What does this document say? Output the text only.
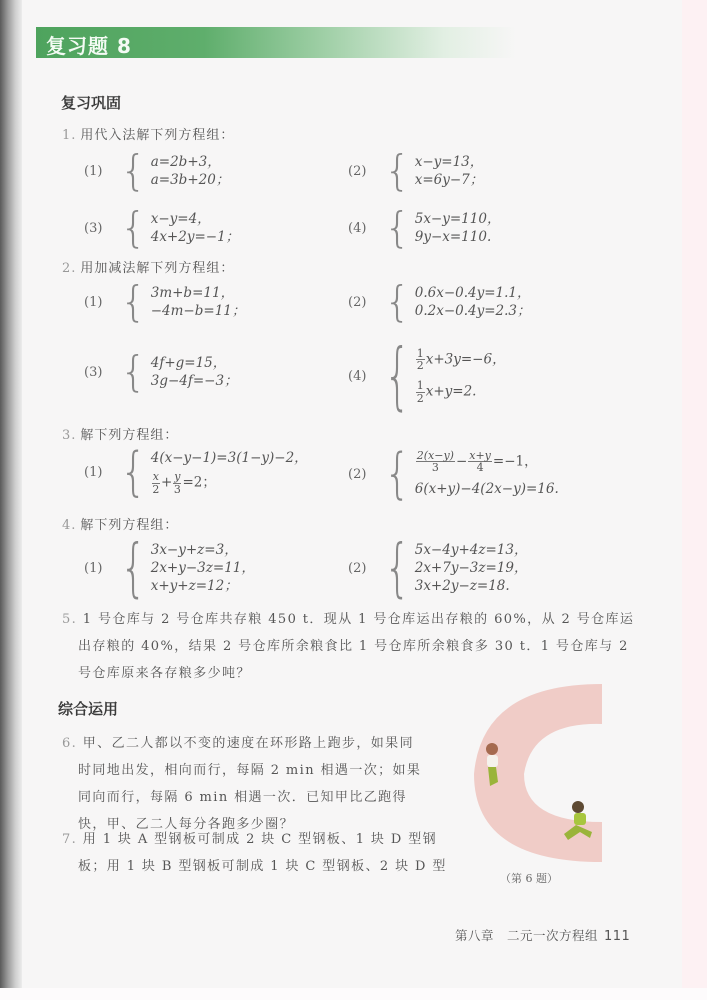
复习题 8
复习巩固
1. 用代入法解下列方程组：
(1) { a=2b+3，
a=3b+20；
(2) { x−y=13，
x=6y−7；
(3) { x−y=4，
4x+2y=−1；
(4) { 5x−y=110，
9y−x=110.
2. 用加减法解下列方程组：
(1) { 3m+b=11，
−4m−b=11；
(2) { 0.6x−0.4y=1.1，
0.2x−0.4y=2.3；
(3) { 4f+g=15，
3g−4f=−3；	(4) { $\frac{1}{2} x+3y=-6$，
$\frac{1}{2} x+y=2$.
3. 解下列方程组：
(1) { 4(x−y−1)=3(1−y)−2，
$\frac{x}{2} + \frac{y}{3} =2$；
(2) { $\frac{2(x-y)}{3} - \frac{x+y}{4} =-1$，
6(x+y)−4(2x−y)=16.
4. 解下列方程组：
(1) { 3x−y+z=3，
2x+y−3z=11，
x+y+z=12；
(2) { 5x−4y+4z=13，
2x+7y−3z=19，
3x+2y−z=18.
5. 1 号仓库与 2 号仓库共存粮 450 t．现从 1 号仓库运出存粮的 60%，从 2 号仓库运
出存粮的 40%，结果 2 号仓库所余粮食比 1 号仓库所余粮食多 30 t．1 号仓库与 2
号仓库原来各存粮多少吨？
综合运用
6. 甲、乙二人都以不变的速度在环形路上跑步，如果同
时同地出发，相向而行，每隔 2 min 相遇一次；如果
同向而行，每隔 6 min 相遇一次．已知甲比乙跑得
快，甲、乙二人每分各跑多少圈？
7. 用 1 块 A 型钢板可制成 2 块 C 型钢板、1 块 D 型钢
板；用 1 块 B 型钢板可制成 1 块 C 型钢板、2 块 D 型
（第 6 题）
第八章　二元一次方程组 111
